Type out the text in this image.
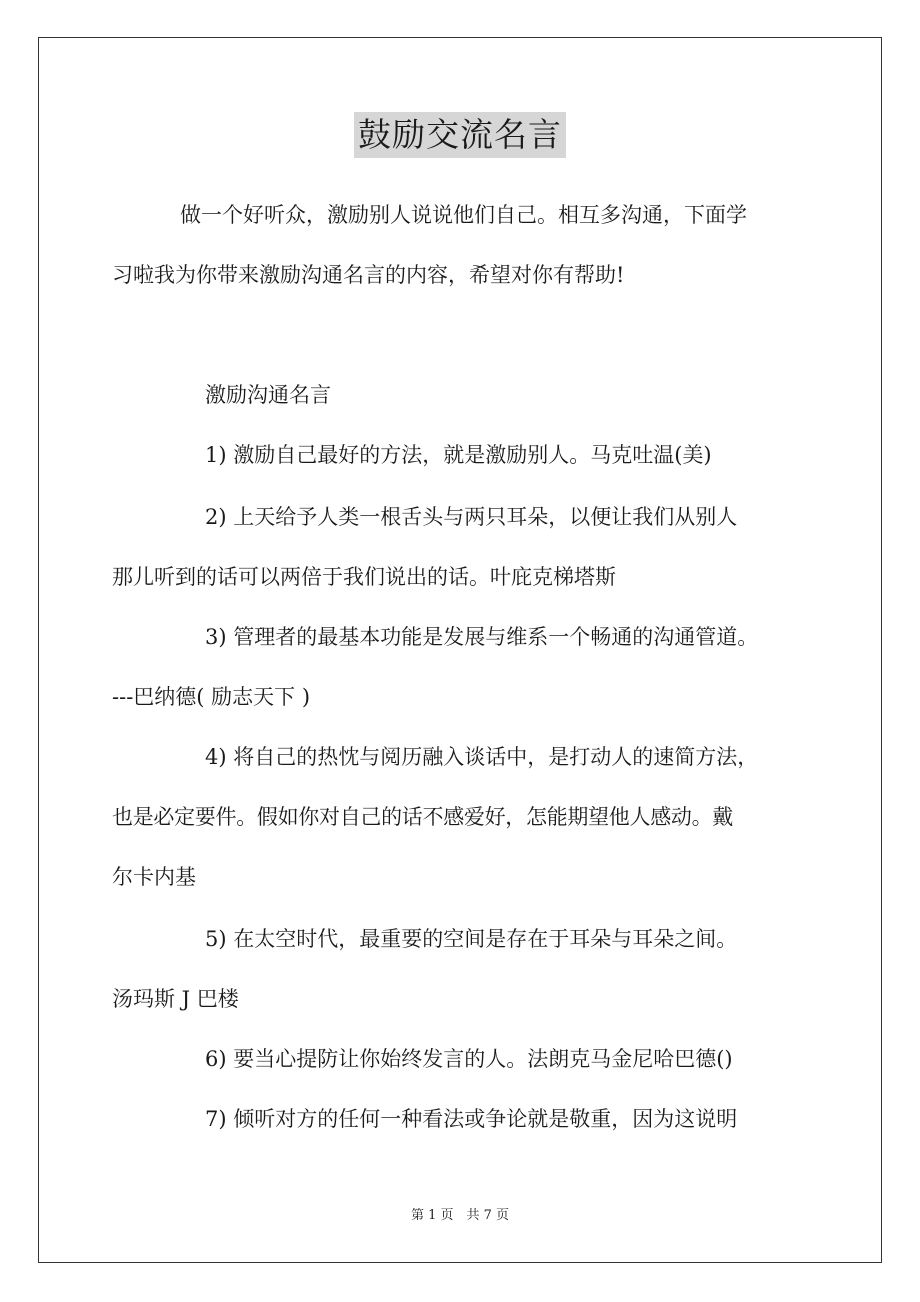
鼓励交流名言
做一个好听众，激励别人说说他们自己。相互多沟通，下面学
习啦我为你带来激励沟通名言的内容，希望对你有帮助!
激励沟通名言
1) 激励自己最好的方法，就是激励别人。马克吐温(美)
2) 上天给予人类一根舌头与两只耳朵，以便让我们从别人
那儿听到的话可以两倍于我们说出的话。叶庇克梯塔斯
3) 管理者的最基本功能是发展与维系一个畅通的沟通管道。
---巴纳德( 励志天下 )
4) 将自己的热忱与阅历融入谈话中，是打动人的速简方法，
也是必定要件。假如你对自己的话不感爱好，怎能期望他人感动。戴
尔卡内基
5) 在太空时代，最重要的空间是存在于耳朵与耳朵之间。
汤玛斯 J 巴楼
6) 要当心提防让你始终发言的人。法朗克马金尼哈巴德()
7) 倾听对方的任何一种看法或争论就是敬重，因为这说明
第 1 页　共 7 页
